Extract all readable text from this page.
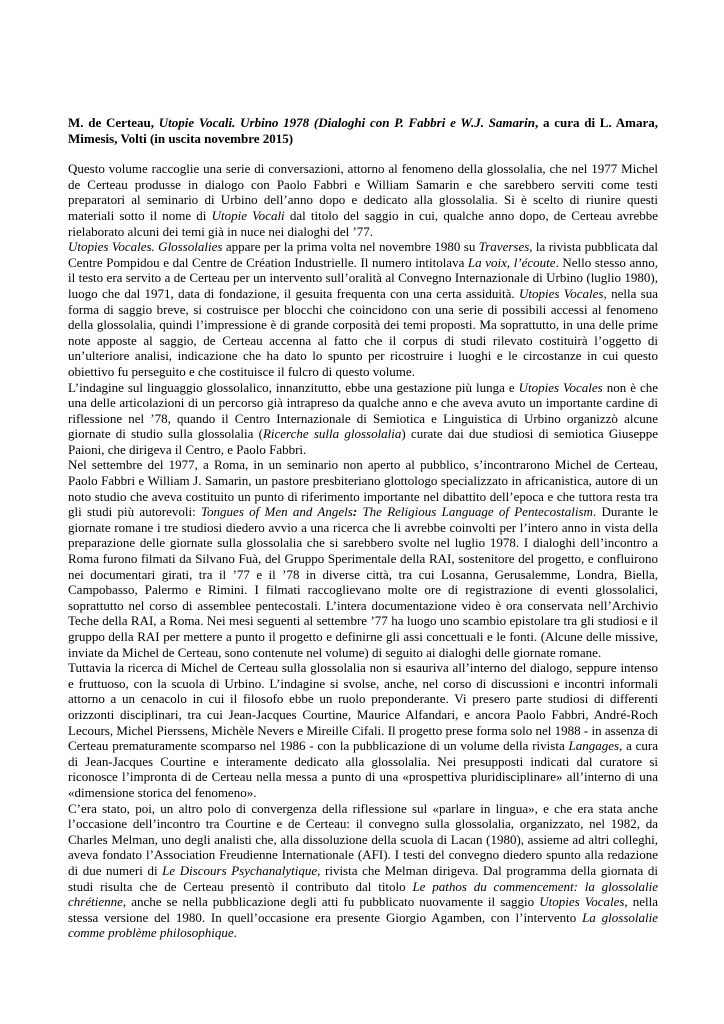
M. de Certeau, Utopie Vocali. Urbino 1978 (Dialoghi con P. Fabbri e W.J. Samarin, a cura di L. Amara, Mimesis, Volti (in uscita novembre 2015)

Questo volume raccoglie una serie di conversazioni, attorno al fenomeno della glossolalia, che nel 1977 Michel de Certeau produsse in dialogo con Paolo Fabbri e William Samarin e che sarebbero serviti come testi preparatori al seminario di Urbino dell’anno dopo e dedicato alla glossolalia. Si è scelto di riunire questi materiali sotto il nome di Utopie Vocali dal titolo del saggio in cui, qualche anno dopo, de Certeau avrebbe rielaborato alcuni dei temi già in nuce nei dialoghi del ’77.

Utopies Vocales. Glossolalies appare per la prima volta nel novembre 1980 su Traverses, la rivista pubblicata dal Centre Pompidou e dal Centre de Création Industrielle. Il numero intitolava La voix, l’écoute. Nello stesso anno, il testo era servito a de Certeau per un intervento sull’oralità al Convegno Internazionale di Urbino (luglio 1980), luogo che dal 1971, data di fondazione, il gesuita frequenta con una certa assiduità. Utopies Vocales, nella sua forma di saggio breve, si costruisce per blocchi che coincidono con una serie di possibili accessi al fenomeno della glossolalia, quindi l’impressione è di grande corposità dei temi proposti. Ma soprattutto, in una delle prime note apposte al saggio, de Certeau accenna al fatto che il corpus di studi rilevato costituirà l’oggetto di un’ulteriore analisi, indicazione che ha dato lo spunto per ricostruire i luoghi e le circostanze in cui questo obiettivo fu perseguito e che costituisce il fulcro di questo volume.

L’indagine sul linguaggio glossolalico, innanzitutto, ebbe una gestazione più lunga e Utopies Vocales non è che una delle articolazioni di un percorso già intrapreso da qualche anno e che aveva avuto un importante cardine di riflessione nel ’78, quando il Centro Internazionale di Semiotica e Linguistica di Urbino organizzò alcune giornate di studio sulla glossolalia (Ricerche sulla glossolalia) curate dai due studiosi di semiotica Giuseppe Paioni, che dirigeva il Centro, e Paolo Fabbri.

Nel settembre del 1977, a Roma, in un seminario non aperto al pubblico, s’incontrarono Michel de Certeau, Paolo Fabbri e William J. Samarin, un pastore presbiteriano glottologo specializzato in africanistica, autore di un noto studio che aveva costituito un punto di riferimento importante nel dibattito dell’epoca e che tuttora resta tra gli studi più autorevoli: Tongues of Men and Angels: The Religious Language of Pentecostalism. Durante le giornate romane i tre studiosi diedero avvio a una ricerca che li avrebbe coinvolti per l’intero anno in vista della preparazione delle giornate sulla glossolalia che si sarebbero svolte nel luglio 1978. I dialoghi dell’incontro a Roma furono filmati da Silvano Fuà, del Gruppo Sperimentale della RAI, sostenitore del progetto, e confluirono nei documentari girati, tra il ’77 e il ’78 in diverse città, tra cui Losanna, Gerusalemme, Londra, Biella, Campobasso, Palermo e Rimini. I filmati raccoglievano molte ore di registrazione di eventi glossolalici, soprattutto nel corso di assemblee pentecostali. L’intera documentazione video è ora conservata nell’Archivio Teche della RAI, a Roma. Nei mesi seguenti al settembre ’77 ha luogo uno scambio epistolare tra gli studiosi e il gruppo della RAI per mettere a punto il progetto e definirne gli assi concettuali e le fonti. (Alcune delle missive, inviate da Michel de Certeau, sono contenute nel volume) di seguito ai dialoghi delle giornate romane.

Tuttavia la ricerca di Michel de Certeau sulla glossolalia non si esauriva all’interno del dialogo, seppure intenso e fruttuoso, con la scuola di Urbino. L’indagine si svolse, anche, nel corso di discussioni e incontri informali attorno a un cenacolo in cui il filosofo ebbe un ruolo preponderante. Vi presero parte studiosi di differenti orizzonti disciplinari, tra cui Jean-Jacques Courtine, Maurice Alfandari, e ancora Paolo Fabbri, André-Roch Lecours, Michel Pierssens, Michèle Nevers e Mireille Cifali. Il progetto prese forma solo nel 1988 - in assenza di Certeau prematuramente scomparso nel 1986 - con la pubblicazione di un volume della rivista Langages, a cura di Jean-Jacques Courtine e interamente dedicato alla glossolalia. Nei presupposti indicati dal curatore si riconosce l’impronta di de Certeau nella messa a punto di una «prospettiva pluridisciplinare» all’interno di una «dimensione storica del fenomeno».

C’era stato, poi, un altro polo di convergenza della riflessione sul «parlare in lingua», e che era stata anche l’occasione dell’incontro tra Courtine e de Certeau: il convegno sulla glossolalia, organizzato, nel 1982, da Charles Melman, uno degli analisti che, alla dissoluzione della scuola di Lacan (1980), assieme ad altri colleghi, aveva fondato l’Association Freudienne Internationale (AFI). I testi del convegno diedero spunto alla redazione di due numeri di Le Discours Psychanalytique, rivista che Melman dirigeva. Dal programma della giornata di studi risulta che de Certeau presentò il contributo dal titolo Le pathos du commencement: la glossolalie chrétienne, anche se nella pubblicazione degli atti fu pubblicato nuovamente il saggio Utopies Vocales, nella stessa versione del 1980. In quell’occasione era presente Giorgio Agamben, con l’intervento La glossolalie comme problème philosophique.
